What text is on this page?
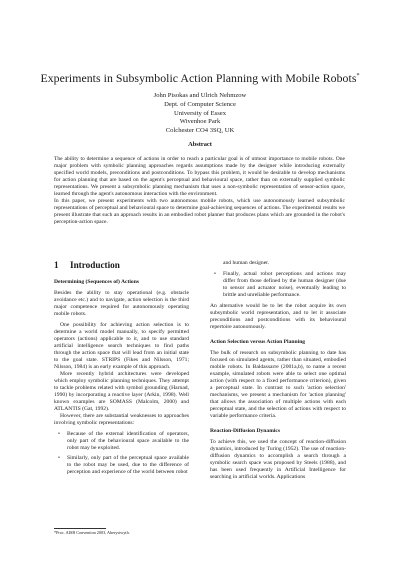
Experiments in Subsymbolic Action Planning with Mobile Robots*
John Pisokas and Ulrich Nehmzow
Dept. of Computer Science
University of Essex
Wivenhoe Park
Colchester CO4 3SQ, UK
Abstract

The ability to determine a sequence of actions in order to reach a particular goal is of utmost importance to mobile robots. One major problem with symbolic planning approaches regards assumptions made by the designer while introducing externally specified world models, preconditions and postconditions. To bypass this problem, it would be desirable to develop mechanisms for action planning that are based on the agent's perceptual and behavioural space, rather than on externally supplied symbolic representations. We present a subsymbolic planning mechanism that uses a non-symbolic representation of sensor-action space, learned through the agent's autonomous interaction with the environment.

In this paper, we present experiments with two autonomous mobile robots, which use autonomously learned subsymbolic representations of perceptual and behavioural space to determine goal-achieving sequences of actions. The experimental results we present illustrate that such an approach results in an embodied robot planner that produces plans which are grounded in the robot's perception-action space.

1 Introduction
Determining (Sequences of) Actions

Besides the ability to stay operational (e.g. obstacle avoidance etc.) and to navigate, action selection is the third major competence required for autonomously operating mobile robots.

One possibility for achieving action selection is to determine a world model manually, to specify permitted operators (actions) applicable to it, and to use standard artificial intelligence search techniques to find paths through the action space that will lead from an initial state to the goal state. STRIPS (Fikes and Nilsson, 1971; Nilsson, 1984) is an early example of this approach.

More recently hybrid architectures were developed which employ symbolic planning techniques. They attempt to tackle problems related with symbol grounding (Harnad, 1990) by incorporating a reactive layer (Arkin, 1998). Well known examples are SOMASS (Malcolm, 2000) and ATLANTIS (Gat, 1992).

However, there are substantial weaknesses to approaches involving symbolic representations:

• Because of the external identification of operators, only part of the behavioural space available to the robot may be exploited.
• Similarly, only part of the perceptual space available to the robot may be used, due to the difference of perception and experience of the world between robot
*Proc. AISB Convention 2003, Aberystwyth.
and human designer.
• Finally, actual robot perceptions and actions may differ from those defined by the human designer (due to sensor and actuator noise), eventually leading to brittle and unreliable performance.

An alternative would be to let the robot acquire its own subsymbolic world representation, and to let it associate preconditions and postconditions with its behavioural repertoire autonomously.

Action Selection versus Action Planning

The bulk of research on subsymbolic planning to date has focused on simulated agents, rather than situated, embodied mobile robots. In Baldassarre (2001a,b), to name a recent example, simulated robots were able to select one optimal action (with respect to a fixed performance criterion), given a perceptual state. In contrast to such 'action selection' mechanisms, we present a mechanism for 'action planning' that allows the association of multiple actions with each perceptual state, and the selection of actions with respect to variable performance criteria.

Reaction-Diffusion Dynamics

To achieve this, we used the concept of reaction-diffusion dynamics, introduced by Turing (1952). The use of reaction-diffusion dynamics to accomplish a search through a symbolic search space was proposed by Steels (1988), and has been used frequently in Artificial Intelligence for searching in artificial worlds. Applications
